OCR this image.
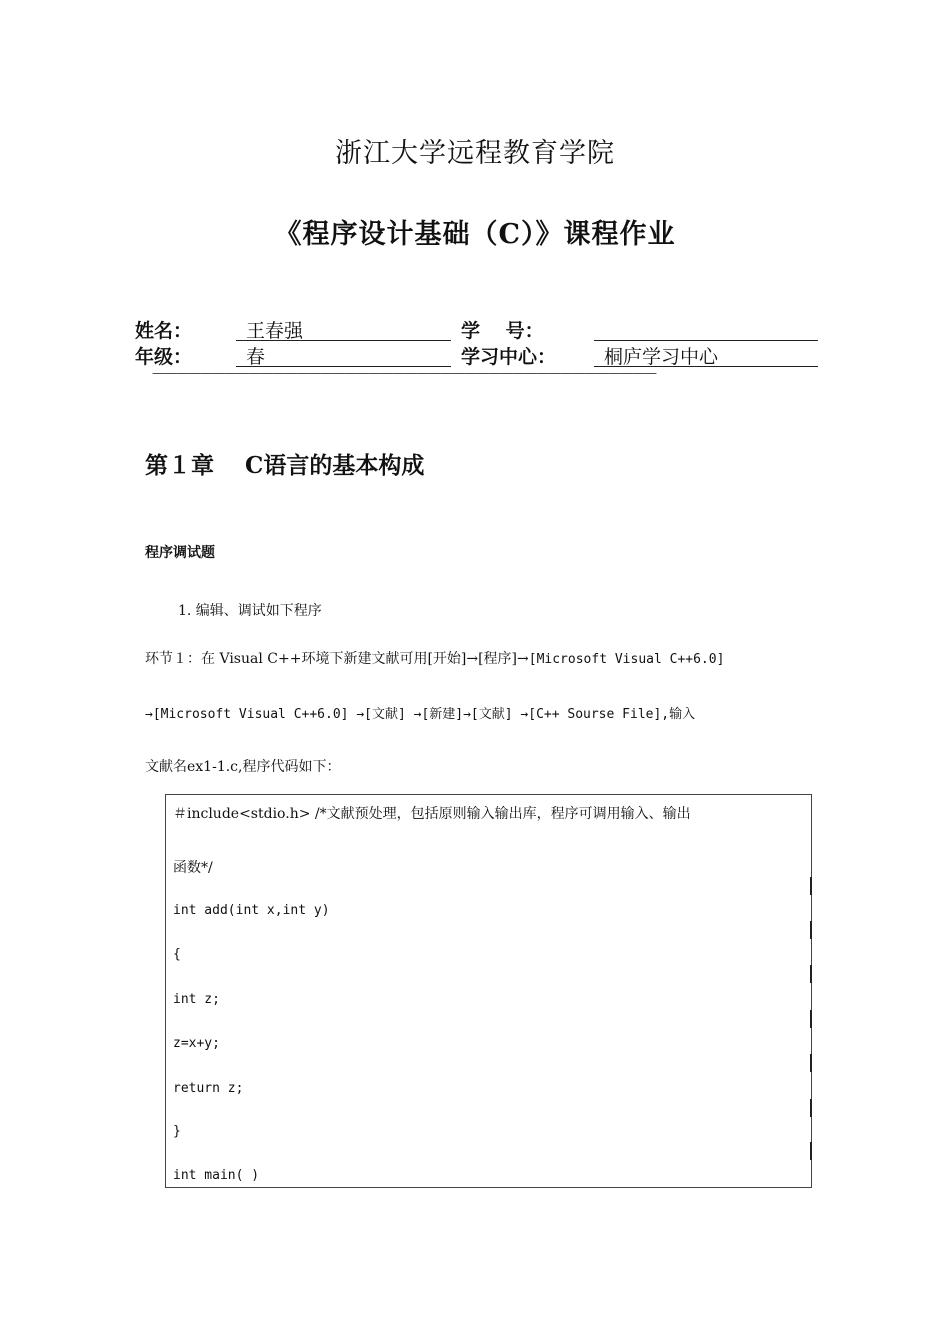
浙江大学远程教育学院
《程序设计基础（C）》课程作业
姓名：	王春强	学　 号：
年级：	春	学习中心：	桐庐学习中心
——————————————————————————————————————————
第１章　 C语言的基本构成
程序调试题
1. 编辑、调试如下程序
环节１：在 Visual C++环境下新建文献可用[开始]→[程序]→[Microsoft Visual C++6.0]
→[Microsoft Visual C++6.0] →[文献] →[新建]→[文献] →[C++ Sourse File],输入
文献名ex1-1.c,程序代码如下：
＃include<stdio.h> /*文献预处理，包括原则输入输出库，程序可调用输入、输出
函数*/
int add(int x,int y)
{
int z;
z=x+y;
return z;
}
int main( )
